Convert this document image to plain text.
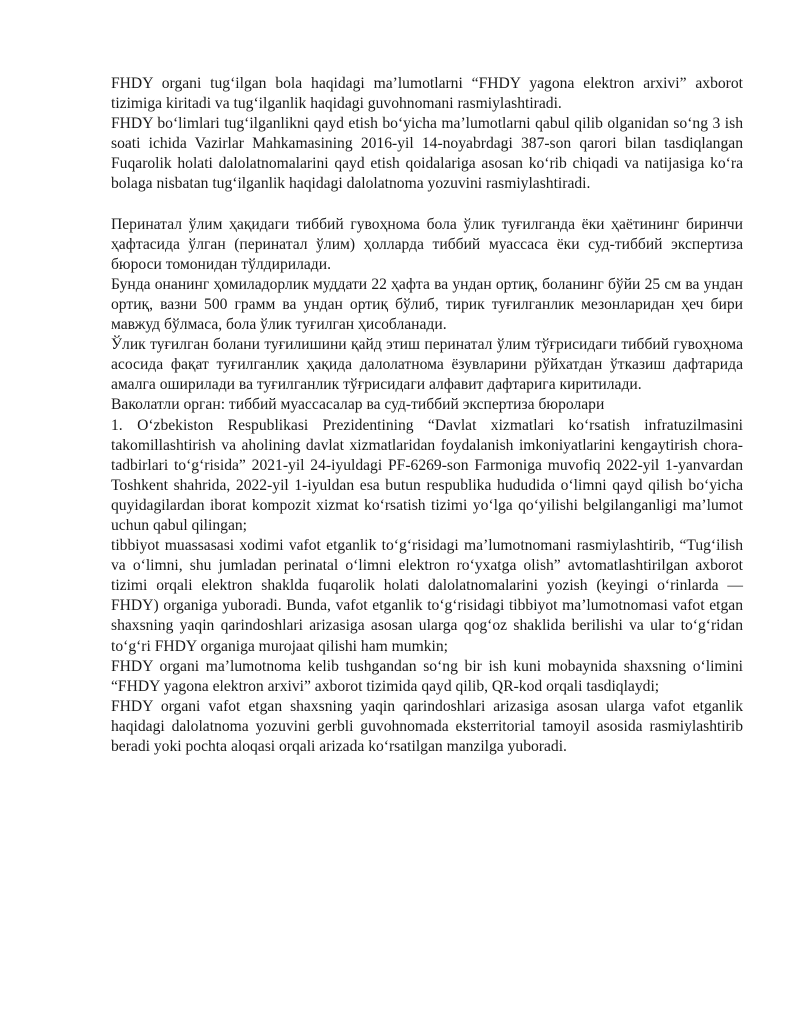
FHDY organi tug‘ilgan bola haqidagi ma’lumotlarni “FHDY yagona elektron arxivi” axborot tizimiga kiritadi va tug‘ilganlik haqidagi guvohnomani rasmiylashtiradi.

FHDY bo‘limlari tug‘ilganlikni qayd etish bo‘yicha ma’lumotlarni qabul qilib olganidan so‘ng 3 ish soati ichida Vazirlar Mahkamasining 2016-yil 14-noyabrdagi 387-son qarori bilan tasdiqlangan Fuqarolik holati dalolatnomalarini qayd etish qoidalariga asosan ko‘rib chiqadi va natijasiga ko‘ra bolaga nisbatan tug‘ilganlik haqidagi dalolatnoma yozuvini rasmiylashtiradi.

Перинатал ўлим ҳақидаги тиббий гувоҳнома бола ўлик туғилганда ёки ҳаётининг биринчи ҳафтасида ўлган (перинатал ўлим) ҳолларда тиббий муассаса ёки суд-тиббий экспертиза бюроси томонидан тўлдирилади.

Бунда онанинг ҳомиладорлик муддати 22 ҳафта ва ундан ортиқ, боланинг бўйи 25 см ва ундан ортиқ, вазни 500 грамм ва ундан ортиқ бўлиб, тирик туғилганлик мезонларидан ҳеч бири мавжуд бўлмаса, бола ўлик туғилган ҳисобланади.

Ўлик туғилган болани туғилишини қайд этиш перинатал ўлим тўғрисидаги тиббий гувоҳнома асосида фақат туғилганлик ҳақида далолатнома ёзувларини рўйхатдан ўтказиш дафтарида амалга оширилади ва туғилганлик тўғрисидаги алфавит дафтарига киритилади.

Ваколатли орган: тиббий муассасалар ва суд-тиббий экспертиза бюролари

1. O‘zbekiston Respublikasi Prezidentining “Davlat xizmatlari ko‘rsatish infratuzilmasini takomillashtirish va aholining davlat xizmatlaridan foydalanish imkoniyatlarini kengaytirish chora-tadbirlari to‘g‘risida” 2021-yil 24-iyuldagi PF-6269-son Farmoniga muvofiq 2022-yil 1-yanvardan Toshkent shahrida, 2022-yil 1-iyuldan esa butun respublika hududida o‘limni qayd qilish bo‘yicha quyidagilardan iborat kompozit xizmat ko‘rsatish tizimi yo‘lga qo‘yilishi belgilanganligi ma’lumot uchun qabul qilingan;

tibbiyot muassasasi xodimi vafot etganlik to‘g‘risidagi ma’lumotnomani rasmiylashtirib, “Tug‘ilish va o‘limni, shu jumladan perinatal o‘limni elektron ro‘yxatga olish” avtomatlashtirilgan axborot tizimi orqali elektron shaklda fuqarolik holati dalolatnomalarini yozish (keyingi o‘rinlarda — FHDY) organiga yuboradi. Bunda, vafot etganlik to‘g‘risidagi tibbiyot ma’lumotnomasi vafot etgan shaxsning yaqin qarindoshlari arizasiga asosan ularga qog‘oz shaklida berilishi va ular to‘g‘ridan to‘g‘ri FHDY organiga murojaat qilishi ham mumkin;

FHDY organi ma’lumotnoma kelib tushgandan so‘ng bir ish kuni mobaynida shaxsning o‘limini “FHDY yagona elektron arxivi” axborot tizimida qayd qilib, QR-kod orqali tasdiqlaydi;

FHDY organi vafot etgan shaxsning yaqin qarindoshlari arizasiga asosan ularga vafot etganlik haqidagi dalolatnoma yozuvini gerbli guvohnomada eksterritorial tamoyil asosida rasmiylashtirib beradi yoki pochta aloqasi orqali arizada ko‘rsatilgan manzilga yuboradi.
